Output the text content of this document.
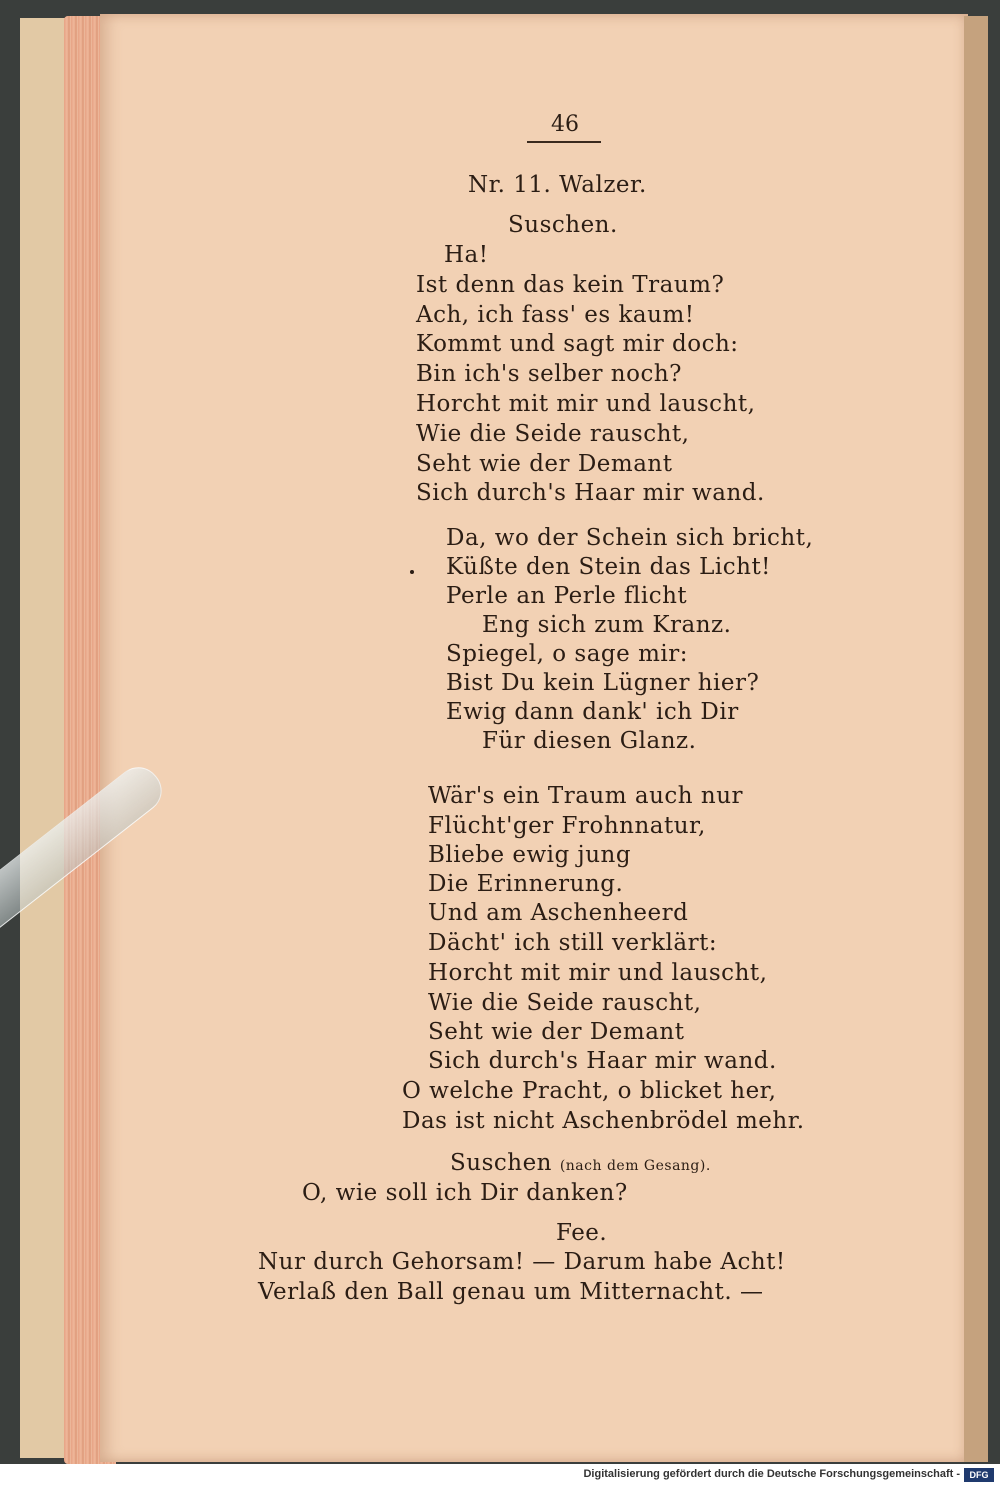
46
Nr. 11. Walzer.
Suschen.
Ha!
Ist denn das kein Traum?
Ach, ich fass' es kaum!
Kommt und sagt mir doch:
Bin ich's selber noch?
Horcht mit mir und lauscht,
Wie die Seide rauscht,
Seht wie der Demant
Sich durch's Haar mir wand.
Da, wo der Schein sich bricht,
Küßte den Stein das Licht!
Perle an Perle flicht
Eng sich zum Kranz.
Spiegel, o sage mir:
Bist Du kein Lügner hier?
Ewig dann dank' ich Dir
Für diesen Glanz.
Wär's ein Traum auch nur
Flücht'ger Frohnnatur,
Bliebe ewig jung
Die Erinnerung.
Und am Aschenheerd
Dächt' ich still verklärt:
Horcht mit mir und lauscht,
Wie die Seide rauscht,
Seht wie der Demant
Sich durch's Haar mir wand.
O welche Pracht, o blicket her,
Das ist nicht Aschenbrödel mehr.
Suschen (nach dem Gesang).
O, wie soll ich Dir danken?
Fee.
Nur durch Gehorsam! — Darum habe Acht!
Verlaß den Ball genau um Mitternacht. —
Digitalisierung gefördert durch die Deutsche Forschungsgemeinschaft -	DFG
